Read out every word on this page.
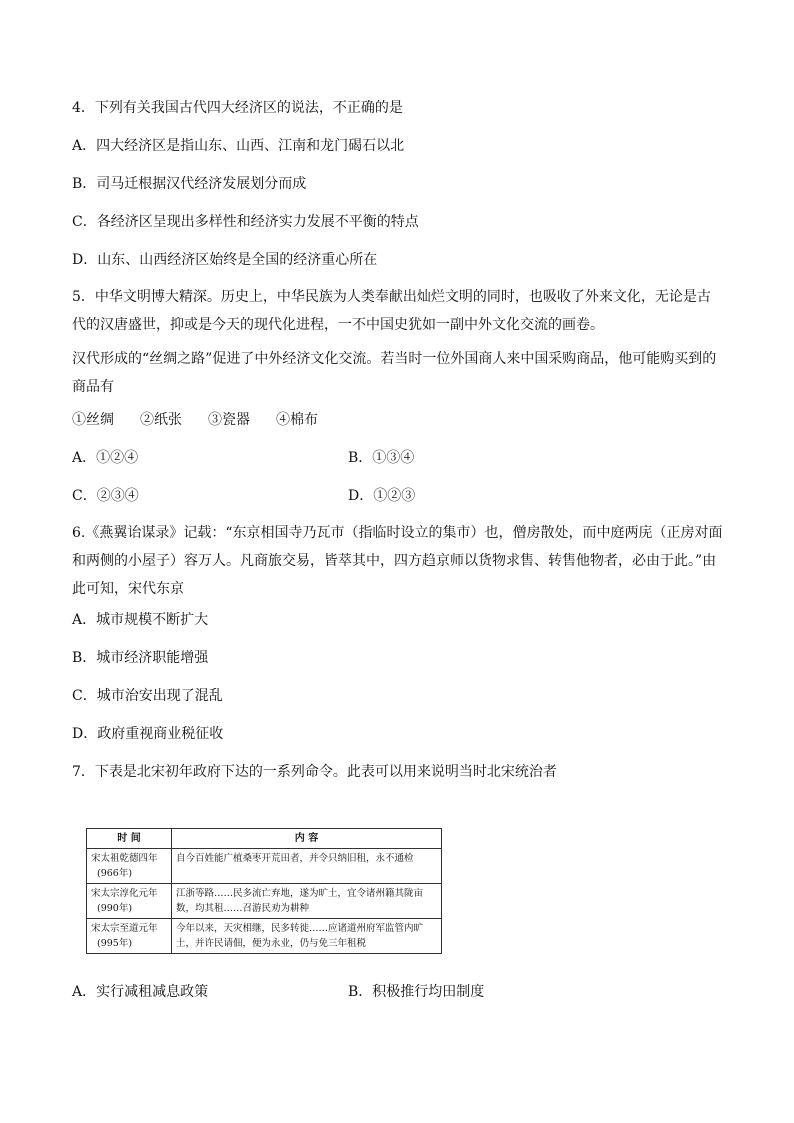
4．下列有关我国古代四大经济区的说法，不正确的是
A．四大经济区是指山东、山西、江南和龙门碣石以北
B．司马迁根据汉代经济发展划分而成
C．各经济区呈现出多样性和经济实力发展不平衡的特点
D．山东、山西经济区始终是全国的经济重心所在
5．中华文明博大精深。历史上，中华民族为人类奉献出灿烂文明的同时，也吸收了外来文化，无论是古代的汉唐盛世，抑或是今天的现代化进程，一不中国史犹如一副中外文化交流的画卷。
汉代形成的“丝绸之路”促进了中外经济文化交流。若当时一位外国商人来中国采购商品，他可能购买到的商品有
①丝绸 ②纸张 ③瓷器 ④棉布
A．①②④	B．①③④
C．②③④	D．①②③
6.《燕翼诒谋录》记载：“东京相国寺乃瓦市（指临时设立的集市）也，僧房散处，而中庭两庑（正房对面和两侧的小屋子）容万人。凡商旅交易，皆萃其中，四方趋京师以货物求售、转售他物者，必由于此。”由此可知，宋代东京
A．城市规模不断扩大
B．城市经济职能增强
C．城市治安出现了混乱
D．政府重视商业税征收
7．下表是北宋初年政府下达的一系列命令。此表可以用来说明当时北宋统治者
时 间	内 容
宋太祖乾德四年
(966年)	自今百姓能广植桑枣开荒田者，并令只纳旧租，永不通检
宋太宗淳化元年
(990年)	江浙等路……民多流亡弃地，遂为旷土，宜令诸州籍其陇亩数，均其租……召游民劝为耕种
宋太宗至道元年
(995年)	今年以来，天灾相继，民多转徙……应诸道州府军监管内旷土，并许民请佃，便为永业，仍与免三年租税
A．实行减租减息政策	B．积极推行均田制度
